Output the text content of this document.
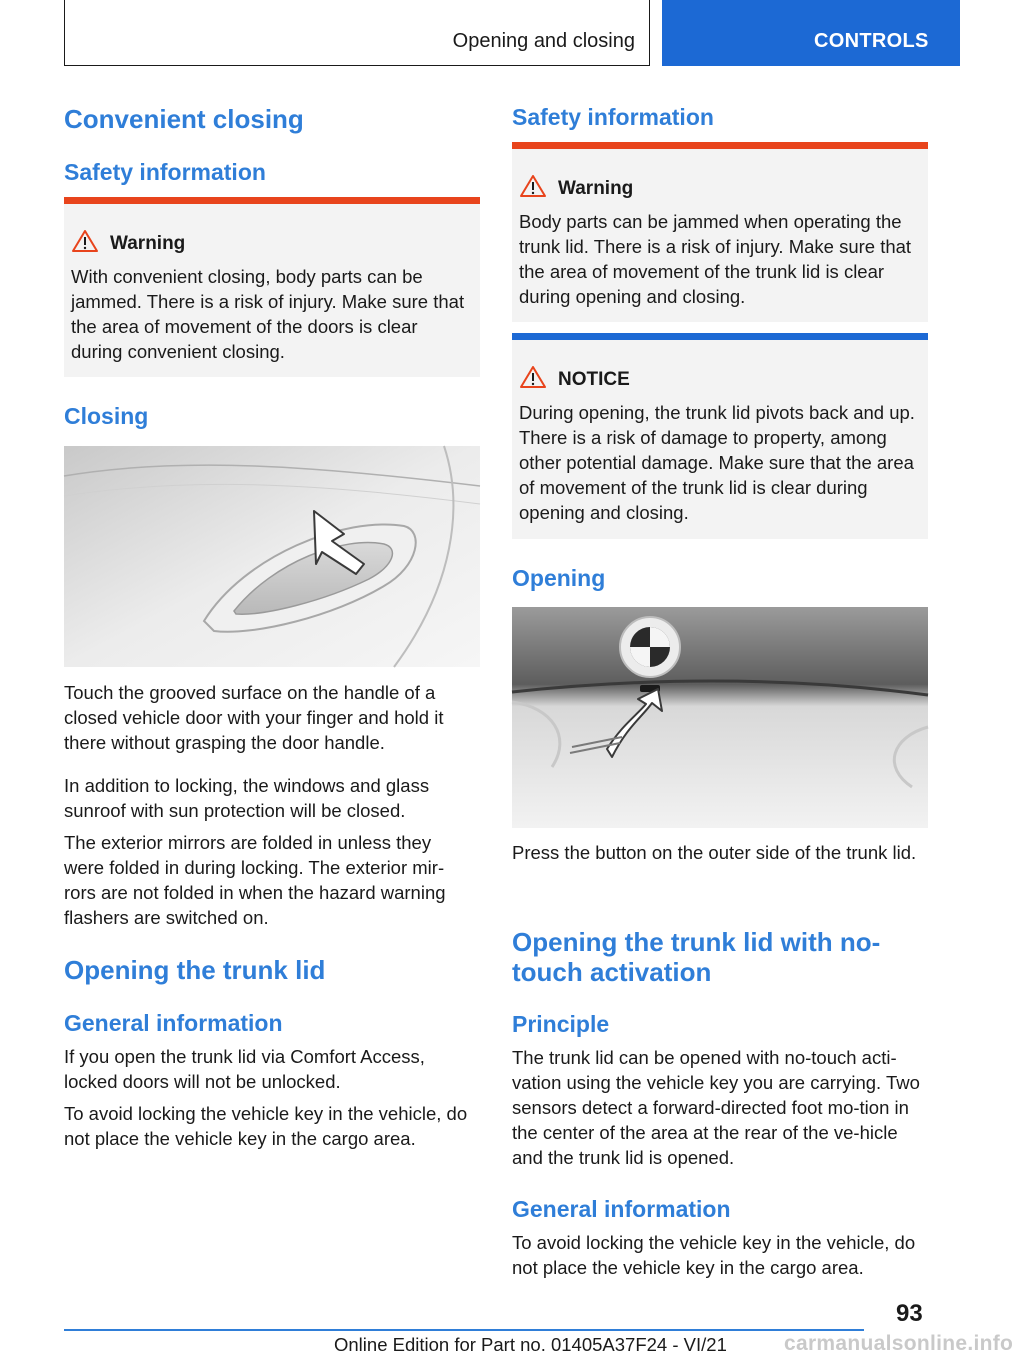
Opening and closing	CONTROLS
Convenient closing
Safety information
Warning
With convenient closing, body parts can be jammed. There is a risk of injury. Make sure that the area of movement of the doors is clear during convenient closing.
Closing
Touch the grooved surface on the handle of a closed vehicle door with your finger and hold it there without grasping the door handle.
In addition to locking, the windows and glass sunroof with sun protection will be closed.
The exterior mirrors are folded in unless they were folded in during locking. The exterior mir‐rors are not folded in when the hazard warning flashers are switched on.
Opening the trunk lid
General information
If you open the trunk lid via Comfort Access, locked doors will not be unlocked.
To avoid locking the vehicle key in the vehicle, do not place the vehicle key in the cargo area.
Safety information
Warning
Body parts can be jammed when operating the trunk lid. There is a risk of injury. Make sure that the area of movement of the trunk lid is clear during opening and closing.
NOTICE
During opening, the trunk lid pivots back and up. There is a risk of damage to property, among other potential damage. Make sure that the area of movement of the trunk lid is clear during opening and closing.
Opening
Press the button on the outer side of the trunk lid.
Opening the trunk lid with no-touch activation
Principle
The trunk lid can be opened with no-touch acti‐vation using the vehicle key you are carrying. Two sensors detect a forward-directed foot mo‐tion in the center of the area at the rear of the ve‐hicle and the trunk lid is opened.
General information
To avoid locking the vehicle key in the vehicle, do not place the vehicle key in the cargo area.
93
Online Edition for Part no. 01405A37F24 - VI/21	carmanualsonline.info
